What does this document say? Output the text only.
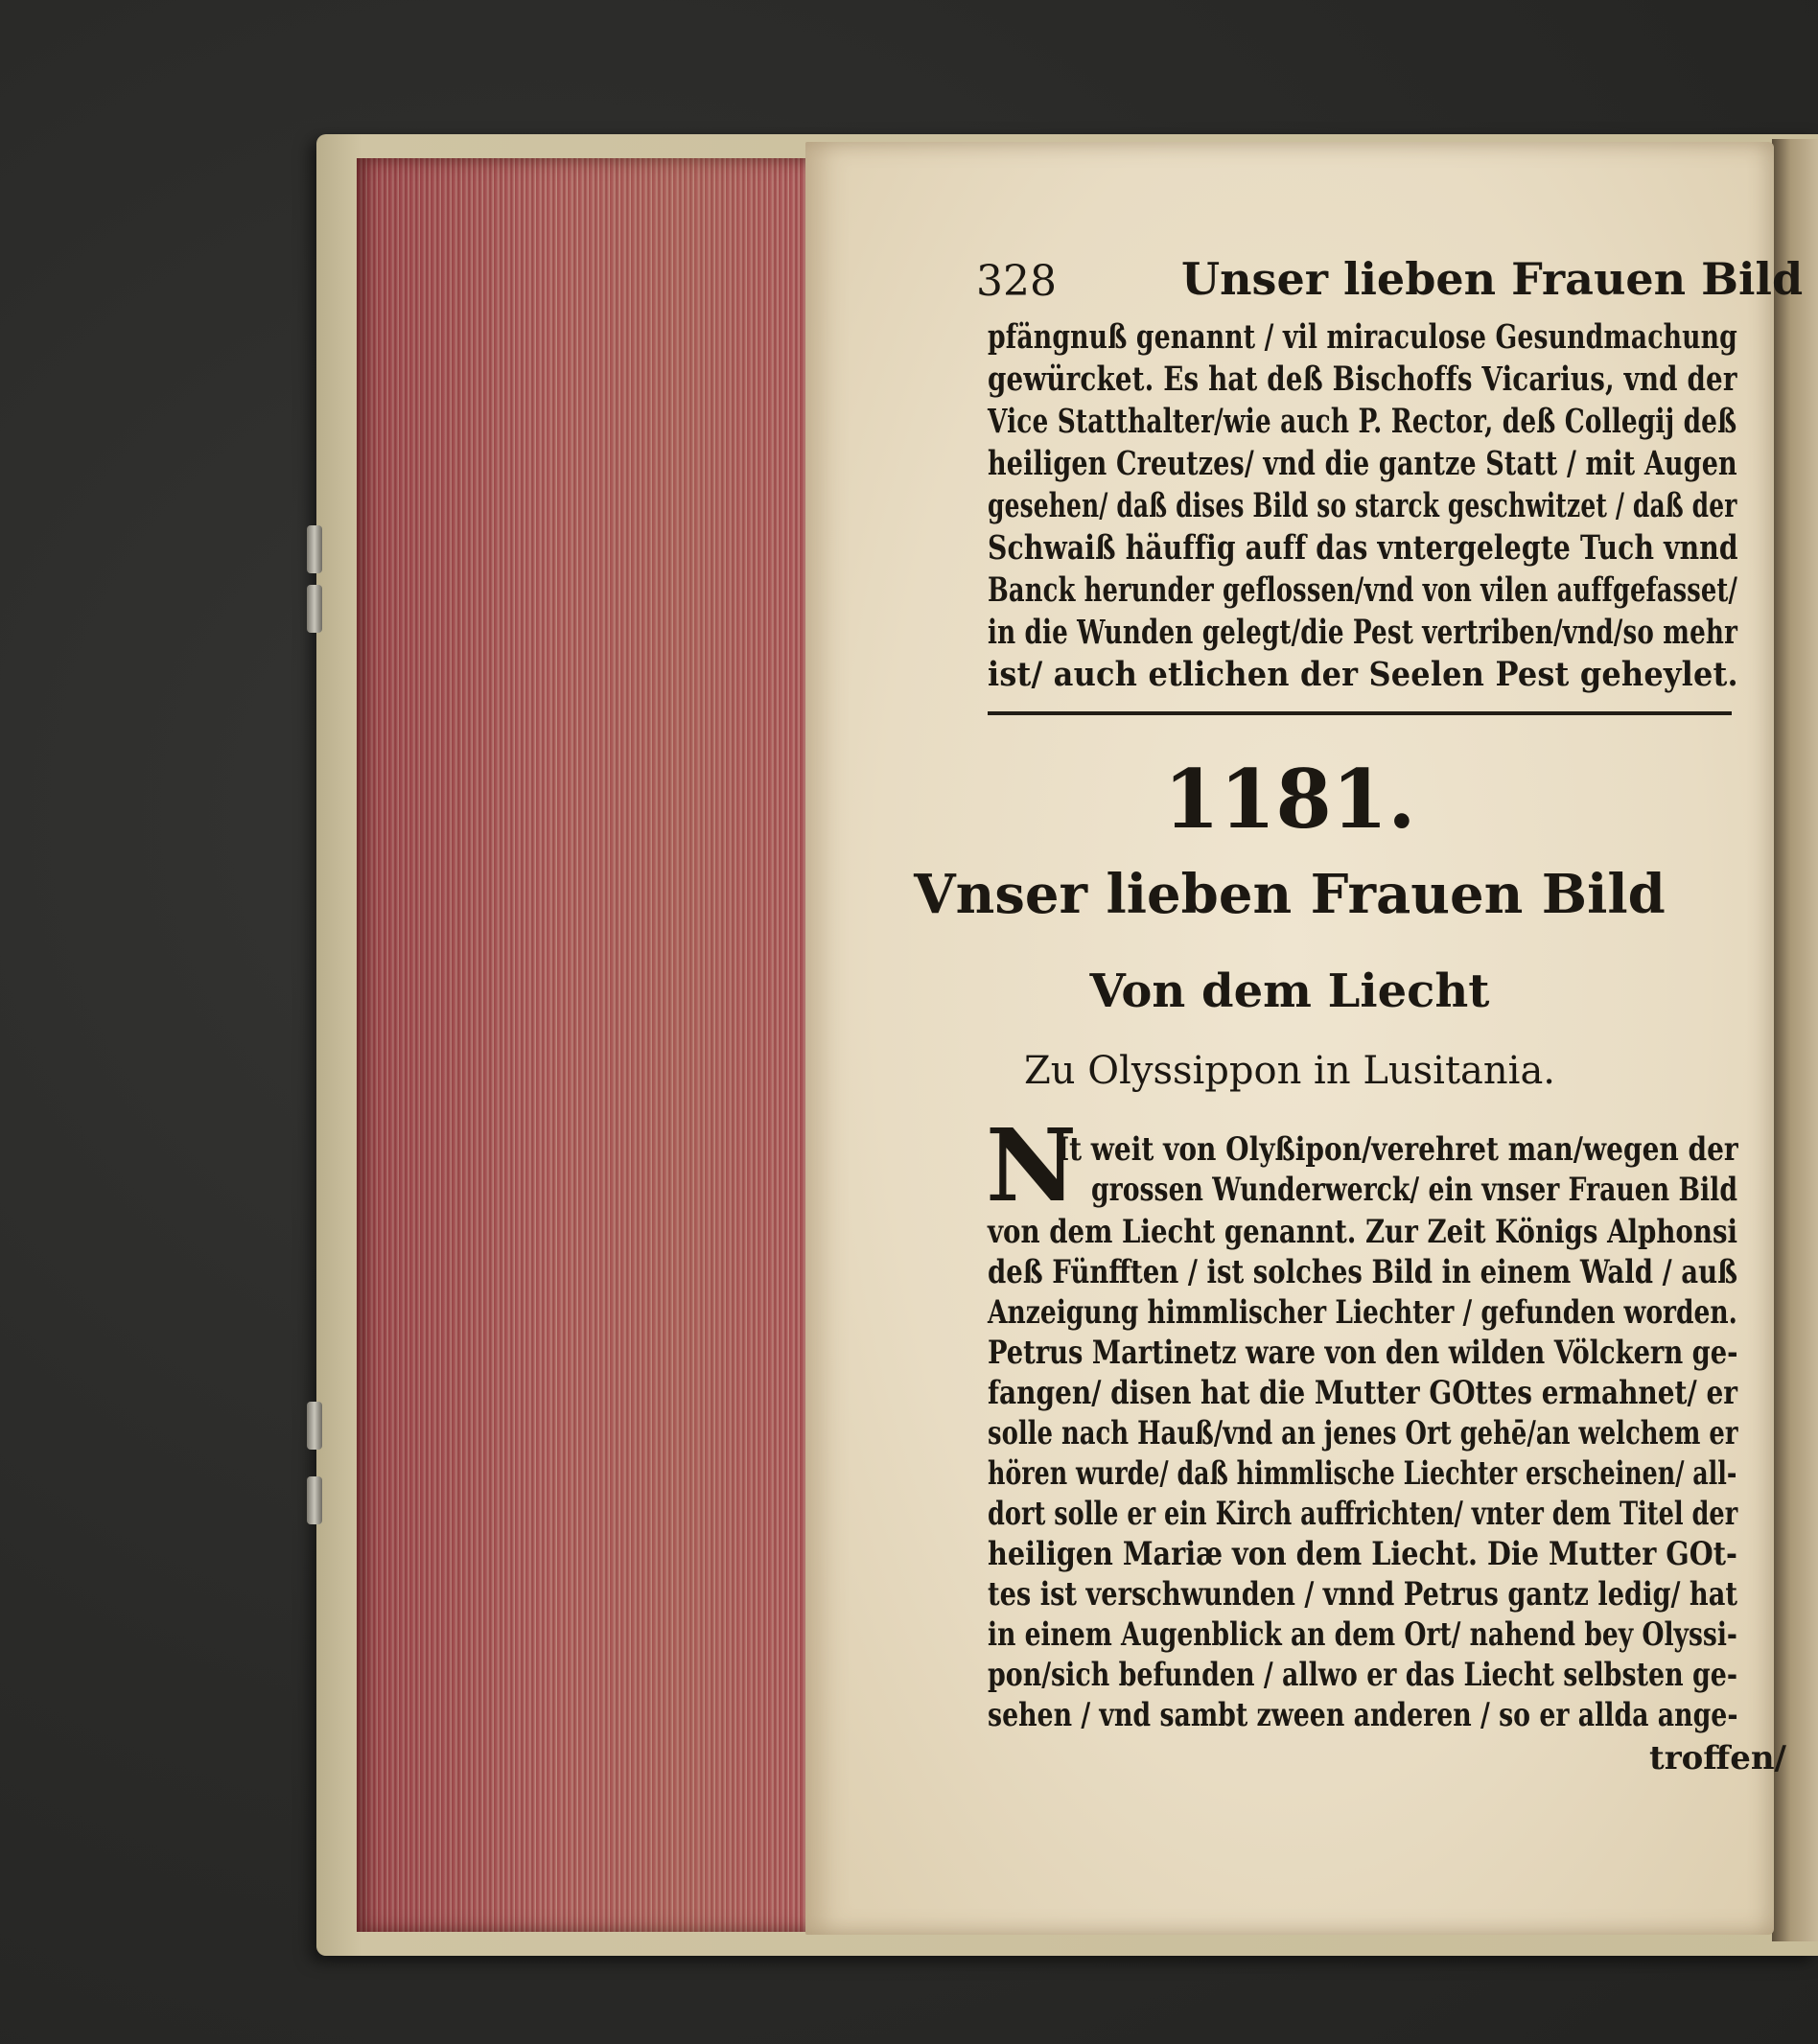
328	Unser lieben Frauen Bild
pfängnuß genannt / vil miraculose Gesundmachung
gewürcket. Es hat deß Bischoffs Vicarius, vnd der
Vice Statthalter/wie auch P. Rector, deß Collegij deß
heiligen Creutzes/ vnd die gantze Statt / mit Augen
gesehen/ daß dises Bild so starck geschwitzet / daß der
Schwaiß häuffig auff das vntergelegte Tuch vnnd
Banck herunder geflossen/vnd von vilen auffgefasset/
in die Wunden gelegt/die Pest vertriben/vnd/so mehr
ist/ auch etlichen der Seelen Pest geheylet.
1181.
Vnser lieben Frauen Bild
Von dem Liecht
Zu Olyssippon in Lusitania.
N
It weit von Olyßipon/verehret man/wegen der
grossen Wunderwerck/ ein vnser Frauen Bild
von dem Liecht genannt. Zur Zeit Königs Alphonsi
deß Fünfften / ist solches Bild in einem Wald / auß
Anzeigung himmlischer Liechter / gefunden worden.
Petrus Martinetz ware von den wilden Völckern ge-
fangen/ disen hat die Mutter GOttes ermahnet/ er
solle nach Hauß/vnd an jenes Ort gehē/an welchem er
hören wurde/ daß himmlische Liechter erscheinen/ all-
dort solle er ein Kirch auffrichten/ vnter dem Titel der
heiligen Mariæ von dem Liecht. Die Mutter GOt-
tes ist verschwunden / vnnd Petrus gantz ledig/ hat
in einem Augenblick an dem Ort/ nahend bey Olyssi-
pon/sich befunden / allwo er das Liecht selbsten ge-
sehen / vnd sambt zween anderen / so er allda ange-
troffen/
